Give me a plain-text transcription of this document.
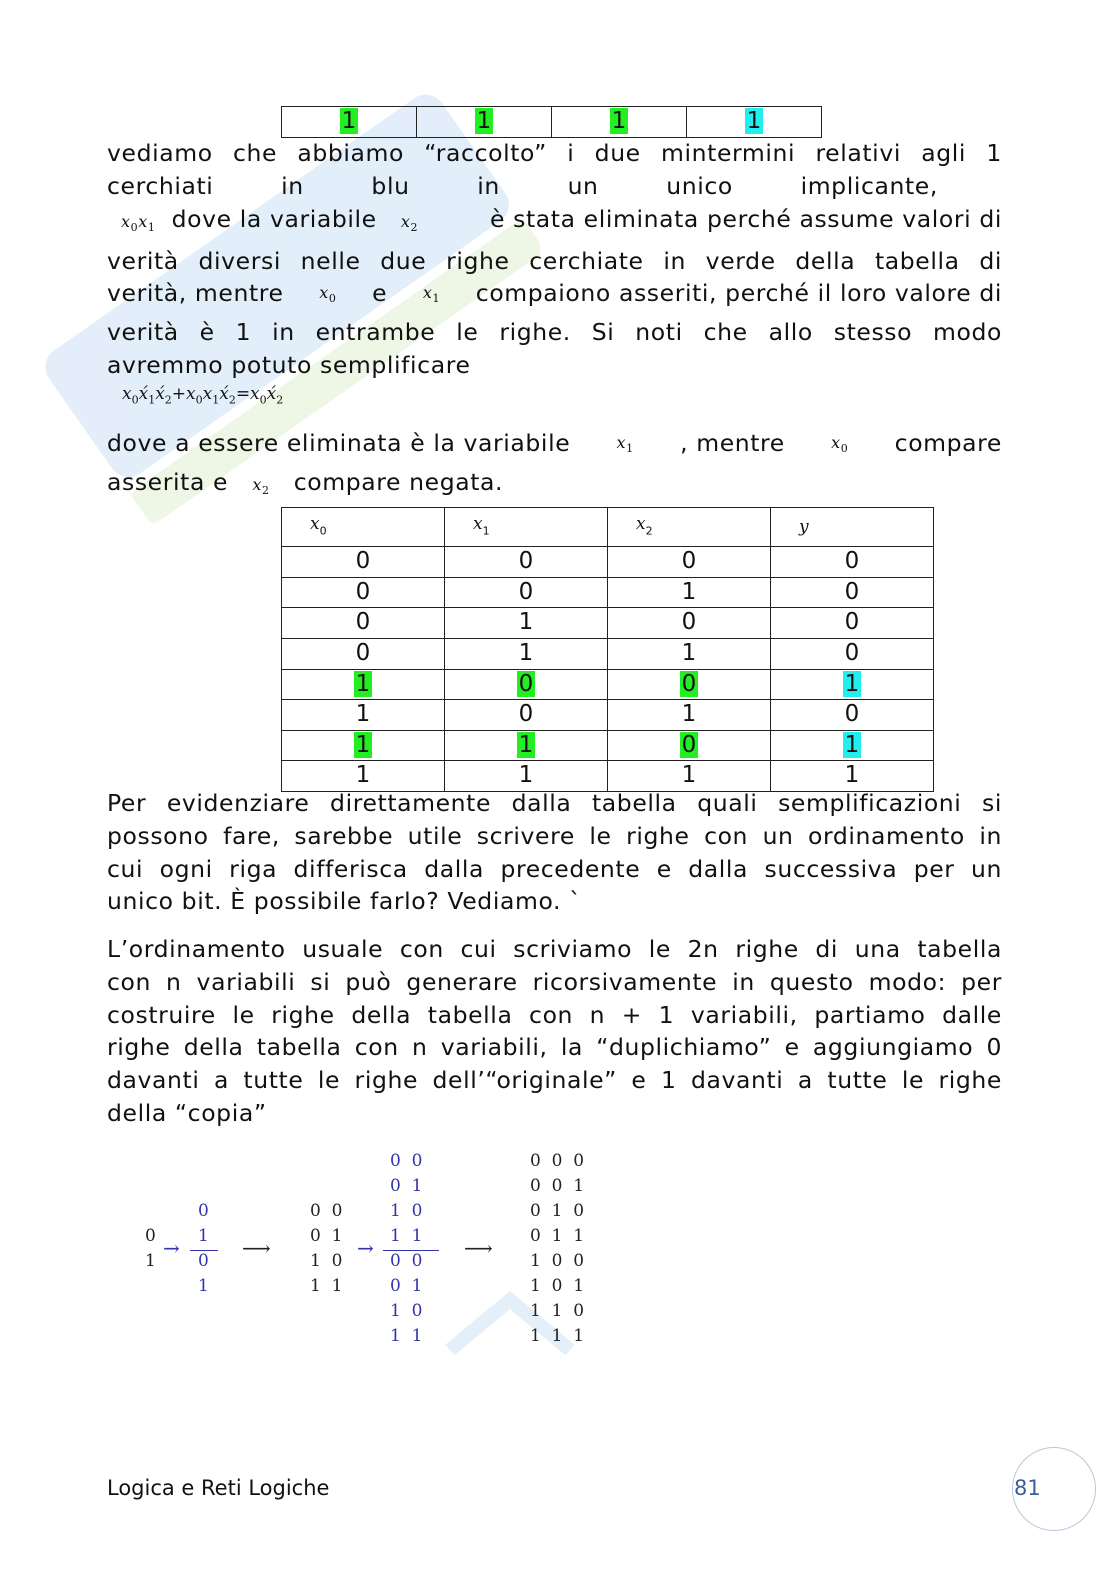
1	1	1	1
vediamo che abbiamo “raccolto” i due mintermini relativi agli 1
cerchiati	in	blu	in	un	unico	implicante,
$x_0x_1$ dove la variabile $x_2$	è stata eliminata perché assume valori di
verità diversi nelle due righe cerchiate in verde della tabella di
verità, mentre $x_0$ e $x_1$ compaiono asseriti, perché il loro valore di
verità è 1 in entrambe le righe. Si noti che allo stesso modo
avremmo potuto semplificare
$x_0x́_1x́_2+x_0x_1x́_2=x_0x́_2$
dove a essere eliminata è la variabile	$x_1$ , mentre	$x_0$ compare
asserita e $x_2$ compare negata.
$x_0$	$x_1$	$x_2$	y
0	0	0	0
0	0	1	0
0	1	0	0
0	1	1	0
1	0	0	1
1	0	1	0
1	1	0	1
1	1	1	1
Per evidenziare direttamente dalla tabella quali semplificazioni si
possono fare, sarebbe utile scrivere le righe con un ordinamento in
cui ogni riga differisca dalla precedente e dalla successiva per un
unico bit. È possibile farlo? Vediamo. `
L’ordinamento usuale con cui scriviamo le 2n righe di una tabella
con n variabili si può generare ricorsivamente in questo modo: per
costruire le righe della tabella con n + 1 variabili, partiamo dalle
righe della tabella con n variabili, la “duplichiamo” e aggiungiamo 0
davanti a tutte le righe dell’“originale” e 1 davanti a tutte le righe
della “copia”
0
1
→
0
1
0
1
⟶
0  0
0  1
1  0
1  1
→
0  0
0  1
1  0
1  1
0  0
0  1
1  0
1  1
⟶
0  0  0
0  0  1
0  1  0
0  1  1
1  0  0
1  0  1
1  1  0
1  1  1
Logica e Reti Logiche	81
